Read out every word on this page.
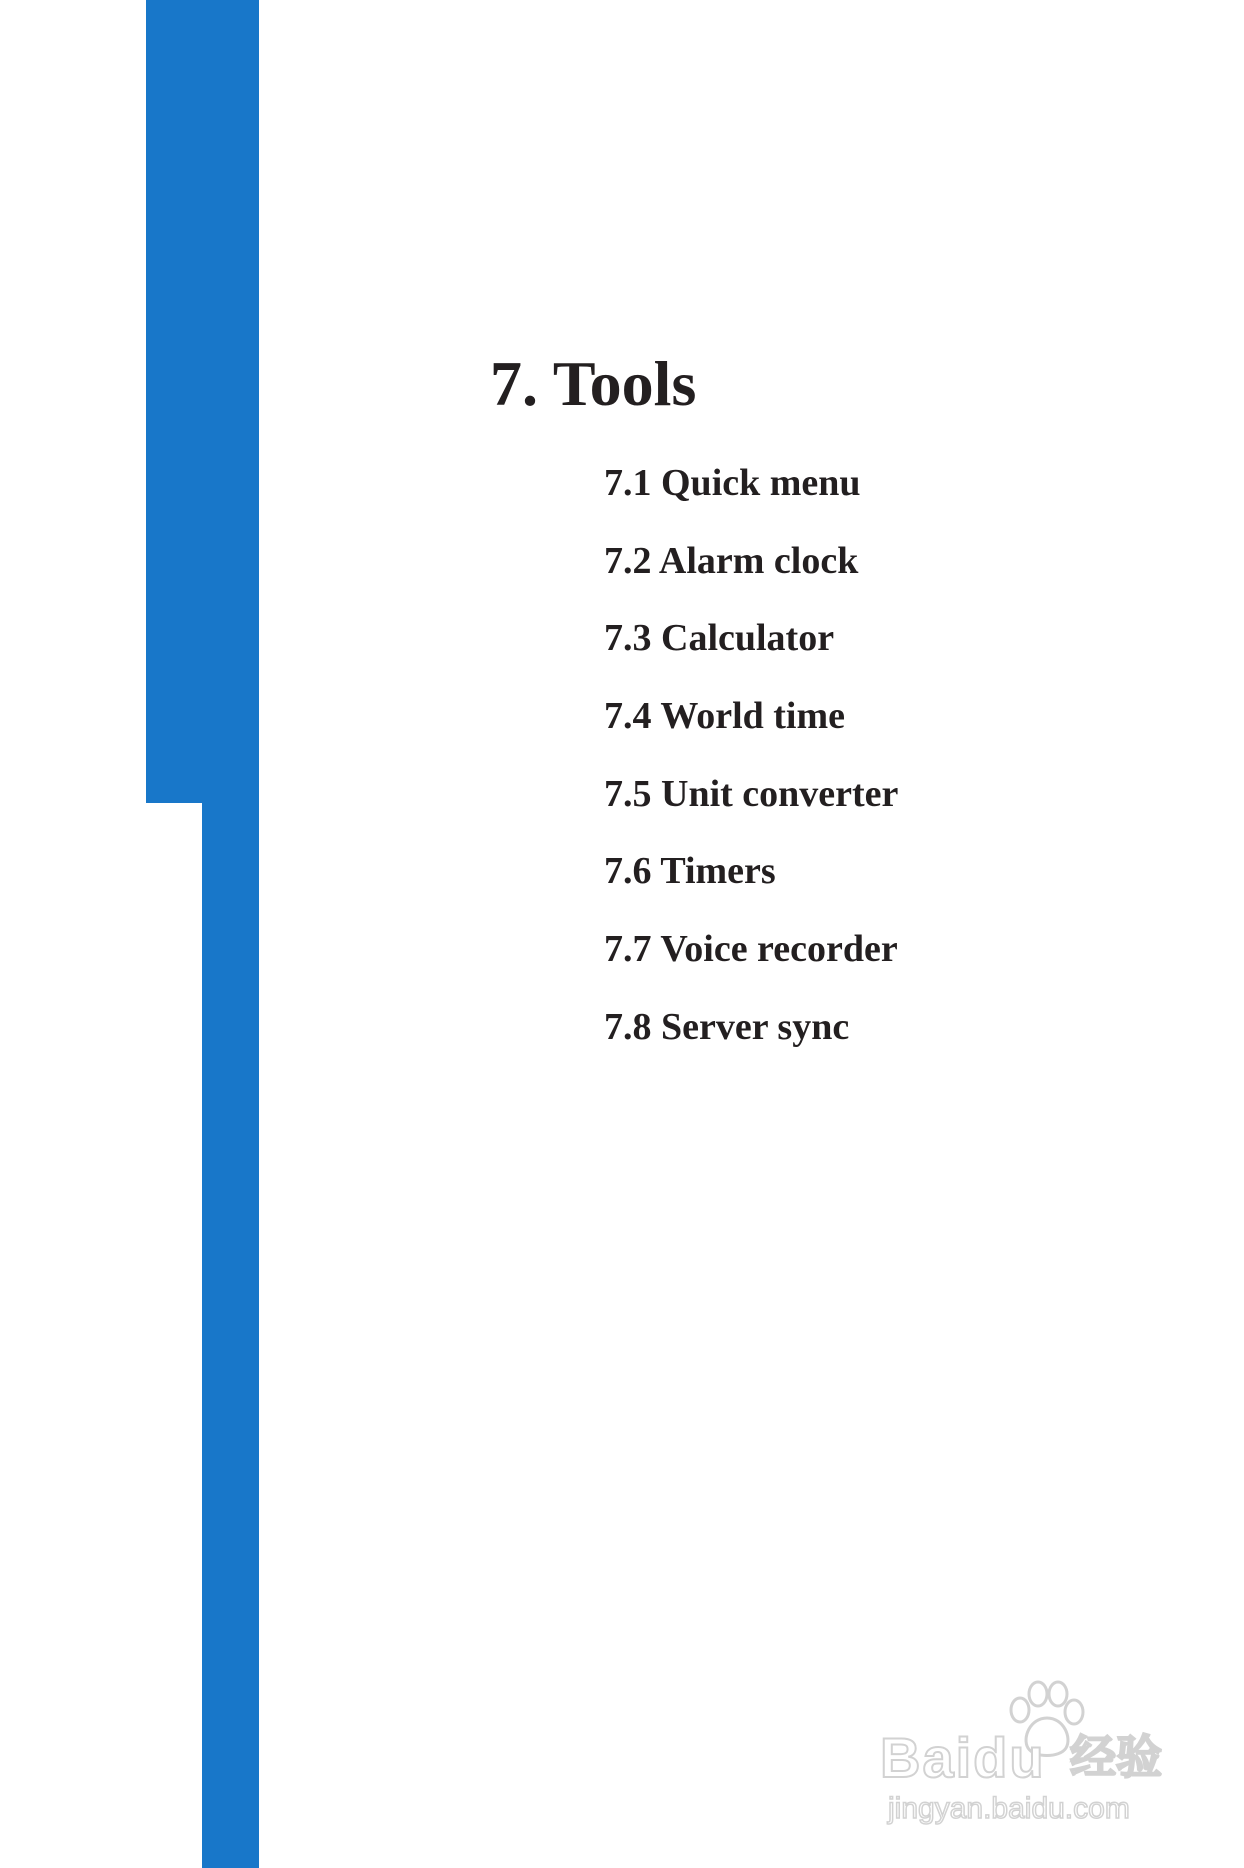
7. Tools
7.1 Quick menu
7.2 Alarm clock
7.3 Calculator
7.4 World time
7.5 Unit converter
7.6 Timers
7.7 Voice recorder
7.8 Server sync
Baidu 经验
jingyan.baidu.com
